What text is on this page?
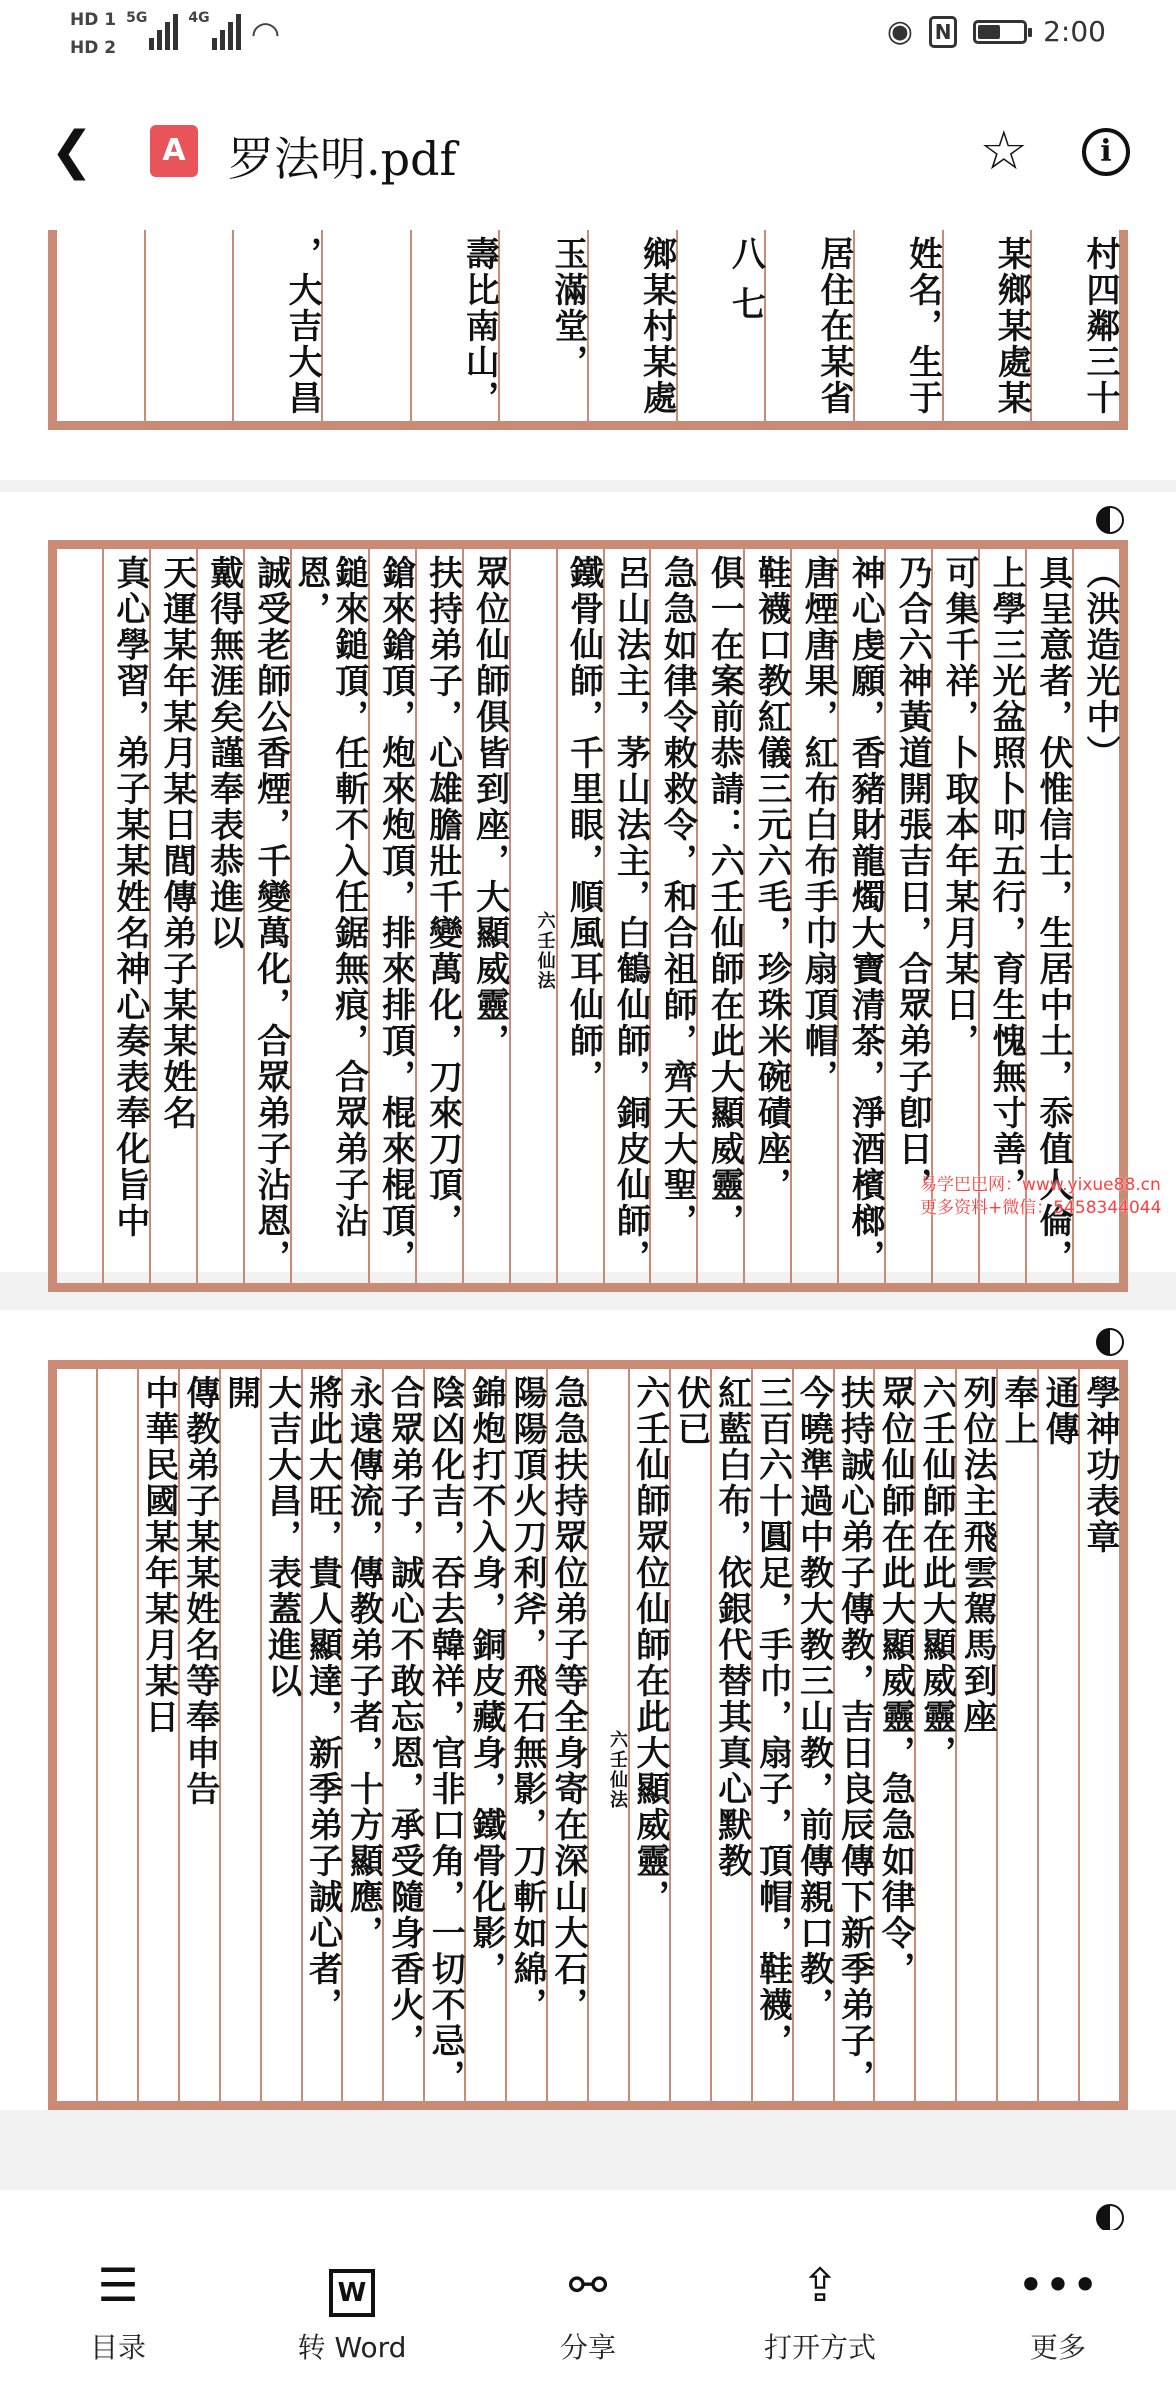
HD 1
HD 2
5G	4G ◠	◉ N	2:00
❮	A 罗法明.pdf	☆	i
村四鄰三十
某鄉某處某
姓名，生于
居住在某省
八 七
鄉某村某處
玉滿堂，
壽比南山，
，大吉大昌
（洪造光中）
具呈意者，伏惟信士，生居中土，忝值人倫，
上學三光盆照卜叩五行，育生愧無寸善，
可集千祥，卜取本年某月某日，
乃合六神黃道開張吉日，合眾弟子卽日，
神心虔願，香豬財龍燭大寶清茶，淨酒檳榔，
唐煙唐果，紅布白布手巾扇頂帽，
鞋襪口教紅儀三元六毛，珍珠米碗磧座，
俱一在案前恭請：六壬仙師在此大顯威靈，
急急如律令敕救令，和合祖師，齊天大聖，
呂山法主，茅山法主，白鶴仙師，銅皮仙師，
鐵骨仙師，千里眼，順風耳仙師，
六壬仙法
眾位仙師俱皆到座，大顯威靈，
扶持弟子，心雄膽壯千變萬化，刀來刀頂，
鎗來鎗頂，炮來炮頂，排來排頂，棍來棍頂，
鎚來鎚頂，任斬不入任鋸無痕，合眾弟子沾恩，
誠受老師公香煙，千變萬化，合眾弟子沾恩，
戴得無涯矣謹奉表恭進以
天運某年某月某日閭傳弟子某某姓名
真心學習，弟子某某姓名神心奏表奉化旨中
學神功表章
通傳
奉上
列位法主飛雲駕馬到座
六壬仙師在此大顯威靈，
眾位仙師在此大顯威靈，急急如律令，
扶持誠心弟子傳教，吉日良辰傳下新季弟子，
今曉準過中教大教三山教，前傳親口教，
三百六十圓足，手巾，扇子，頂帽，鞋襪，
紅藍白布，依銀代替其真心默教
伏已
六壬仙師眾位仙師在此大顯威靈，
六壬仙法
急急扶持眾位弟子等全身寄在深山大石，
陽陽頂火刀利斧，飛石無影，刀斬如綿，
錦炮打不入身，銅皮藏身，鐵骨化影，
陰凶化吉，吞去韓祥，官非口角，一切不忌，
合眾弟子，誠心不敢忘恩，承受隨身香火，
永遠傳流，傳教弟子者，十方顯應，
將此大旺，貴人顯達，新季弟子誠心者，
大吉大昌，表蓋進以
開
傳教弟子某某姓名等奉申告
中華民國某年某月某日
易学巴巴网：www.yixue88.cn
更多资料+微信：5458344044
☰
目录
W
转 Word
⚯
分享
⇪
打开方式
•••
更多
